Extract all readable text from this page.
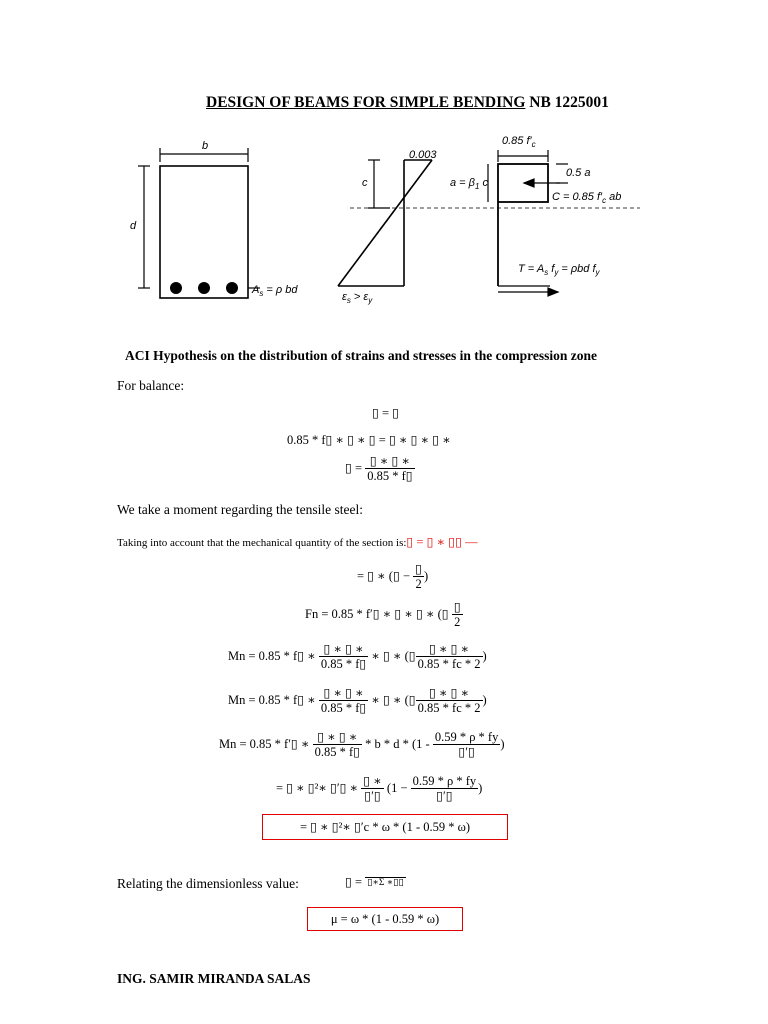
DESIGN OF BEAMS FOR SIMPLE BENDING NB 1225001
b
d
$A_s = \rho$ bd
0.003
c
$\varepsilon_s > \varepsilon_y$
0.85 $f'_c$
$a = \beta_1$ c
0.5 a
C = 0.85 $f'_c$ ab
$T = A_s$ $f_y = \rho bd$ $f_y$
ACI Hypothesis on the distribution of strains and stresses in the compression zone
For balance:
▯ = ▯
0.85 * f▯ ∗ ▯ ∗ ▯ = ▯ ∗ ▯ ∗ ▯ ∗
▯ = $\frac{▯ ∗ ▯ ∗}{0.85 * f▯}$
We take a moment regarding the tensile steel:
Taking into account that the mechanical quantity of the section is:▯ = ▯ ∗ ▯▯ —
= ▯ ∗ (▯ − $\frac{▯}{2}$ )
Fn = 0.85 * f′▯ ∗ ▯ ∗ ▯ ∗ (▯ $\frac{▯}{2}$
Mn = 0.85 * f▯ ∗ $\frac{▯ ∗ ▯ ∗}{0.85 * f▯}$ ∗ ▯ ∗ (▯ $\frac{▯ ∗ ▯ ∗}{0.85 * fc * 2}$ )
Mn = 0.85 * f▯ ∗ $\frac{▯ ∗ ▯ ∗}{0.85 * f▯}$ ∗ ▯ ∗ (▯ $\frac{▯ ∗ ▯ ∗}{0.85 * fc * 2}$ )
Mn = 0.85 * f′▯ ∗ $\frac{▯ ∗ ▯ ∗}{0.85 * f▯}$ * b * d * ($1 - \frac{0.59 * \rho * fy}{▯'▯}$ )
= ▯ ∗ ▯²∗ ▯′▯ ∗ $\frac{▯ ∗}{▯'▯} (1 - \frac{0.59 * \rho * fy}{▯'▯}$ )
= ▯ ∗ ▯²∗ ▯′c * ω * (1 - 0.59 * ω)
Relating the dimensionless value:	▯ = ▯∗Σ ∗▯▯
μ = ω * (1 - 0.59 * ω)
ING. SAMIR MIRANDA SALAS
